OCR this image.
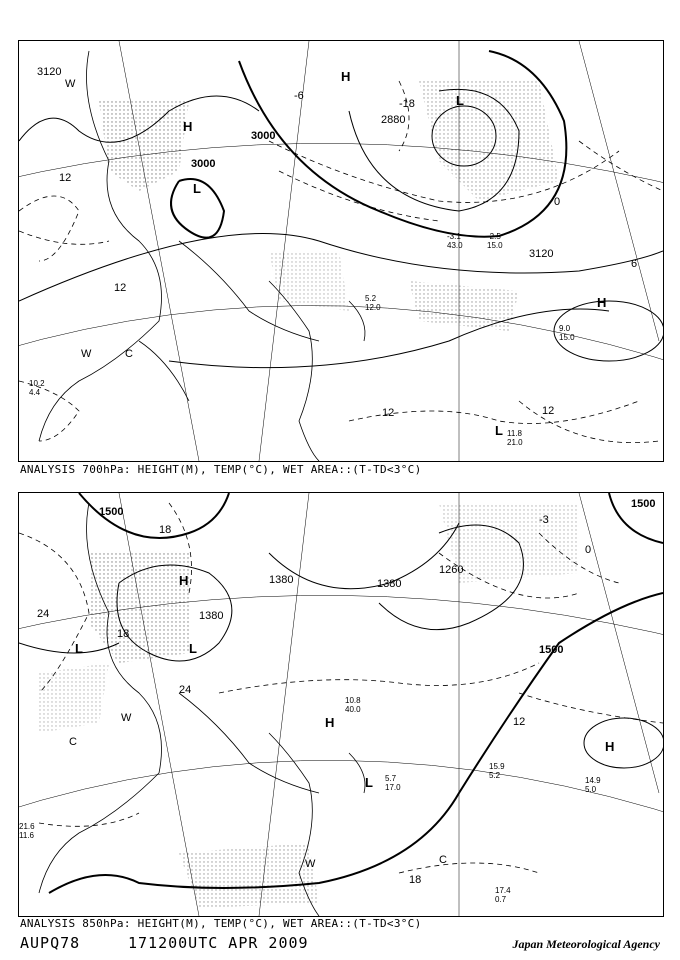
3120
3000
3000
2880
3120
12
12
12	12
6
-6
-18
0
L
L
L
H
H
H
W
W	C
10.2 4.4
9.0 15.0
11.8 21.0
-3.1 43.0
-2.5 15.0
5.2 12.0
ANALYSIS 700hPa: HEIGHT(M), TEMP(°C), WET AREA::(T-TD<3°C)
1500
1500
1380
1380	1380
1260
1500
24
18
18
24
12
18
-3
0
L	L
L
H
H
H
W
W
C
C
21.6 11.6
14.9 5.0
17.4 0.7
15.9 5.2
10.8 40.0
5.7 17.0
ANALYSIS 850hPa: HEIGHT(M), TEMP(°C), WET AREA::(T-TD<3°C)
AUPQ78	171200UTC APR 2009	Japan Meteorological Agency
